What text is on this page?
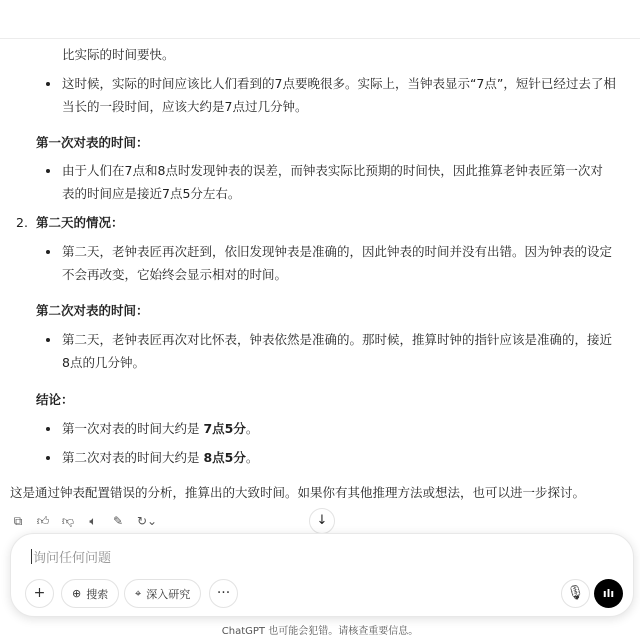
比实际的时间要快。
这时候，实际的时间应该比人们看到的7点要晚很多。实际上，当钟表显示“7点”，短针已经过去了相
当长的一段时间，应该大约是7点过几分钟。
第一次对表的时间：
由于人们在7点和8点时发现钟表的误差，而钟表实际比预期的时间快，因此推算老钟表匠第一次对
表的时间应是接近7点5分左右。
2. 第二天的情况：
第二天，老钟表匠再次赶到，依旧发现钟表是准确的，因此钟表的时间并没有出错。因为钟表的设定
不会再改变，它始终会显示相对的时间。
第二次对表的时间：
第二天，老钟表匠再次对比怀表，钟表依然是准确的。那时候，推算时钟的指针应该是准确的，接近
8点的几分钟。
结论：
第一次对表的时间大约是 7点5分。
第二次对表的时间大约是 8点5分。
这是通过钟表配置错误的分析，推算出的大致时间。如果你有其他推理方法或想法，也可以进一步探讨。
⧉	👍︎ 👎︎	🔈︎	✎ ↻⌄	↓
询问任何问题
+	⊕ 搜索 ⌖ 深入研究	···	🎙︎	ılı
ChatGPT 也可能会犯错。请核查重要信息。
